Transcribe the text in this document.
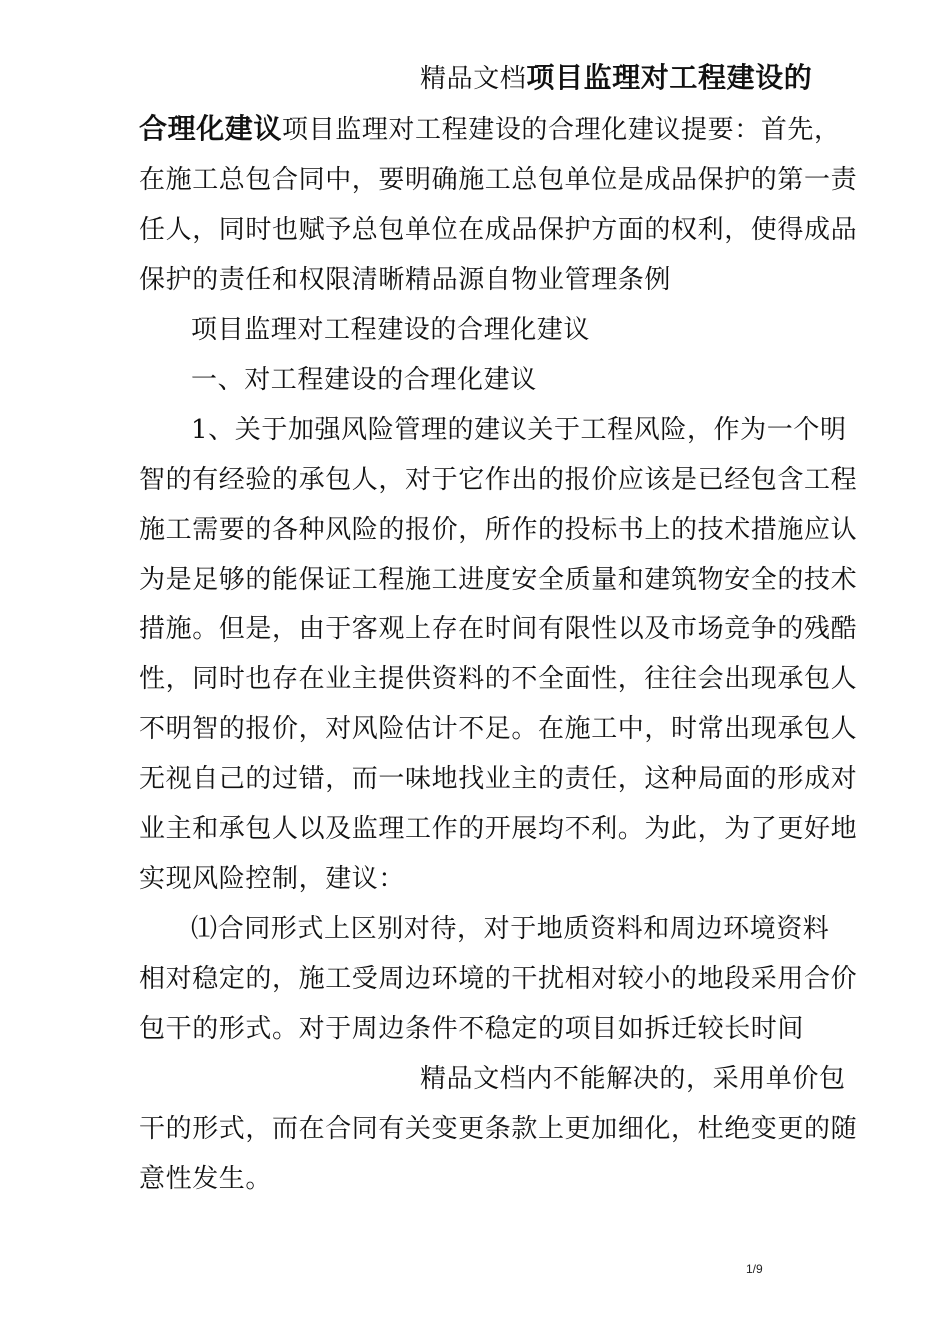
精品文档项目监理对工程建设的
合理化建议项目监理对工程建设的合理化建议提要：首先，
在施工总包合同中，要明确施工总包单位是成品保护的第一责
任人，同时也赋予总包单位在成品保护方面的权利，使得成品
保护的责任和权限清晰精品源自物业管理条例
项目监理对工程建设的合理化建议
一、对工程建设的合理化建议
1、关于加强风险管理的建议关于工程风险，作为一个明
智的有经验的承包人，对于它作出的报价应该是已经包含工程
施工需要的各种风险的报价，所作的投标书上的技术措施应认
为是足够的能保证工程施工进度安全质量和建筑物安全的技术
措施。但是，由于客观上存在时间有限性以及市场竞争的残酷
性，同时也存在业主提供资料的不全面性，往往会出现承包人
不明智的报价，对风险估计不足。在施工中，时常出现承包人
无视自己的过错，而一味地找业主的责任，这种局面的形成对
业主和承包人以及监理工作的开展均不利。为此，为了更好地
实现风险控制，建议：
⑴合同形式上区别对待，对于地质资料和周边环境资料
相对稳定的，施工受周边环境的干扰相对较小的地段采用合价
包干的形式。对于周边条件不稳定的项目如拆迁较长时间
精品文档内不能解决的，采用单价包
干的形式，而在合同有关变更条款上更加细化，杜绝变更的随
意性发生。
1/9
